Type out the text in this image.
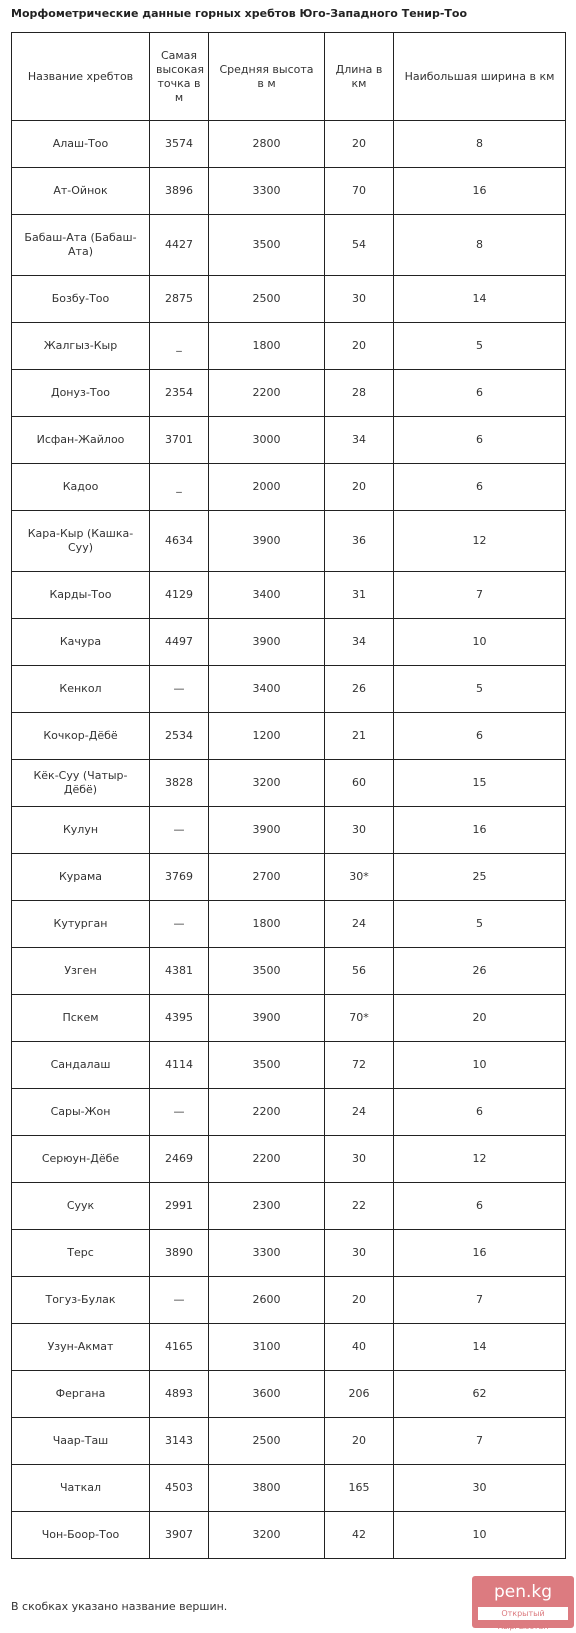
Морфометрические данные горных хребтов Юго-Западного Тенир-Тоо
Название хребтов	Самая высокая точка в м	Средняя высота в м	Длина в км	Наибольшая ширина в км
Алаш-Тоо	3574	2800	20	8
Ат-Ойнок	3896	3300	70	16
Бабаш-Ата (Бабаш-Ата)	4427	3500	54	8
Бозбу-Тоо	2875	2500	30	14
Жалгыз-Кыр	_	1800	20	5
Донуз-Тоо	2354	2200	28	6
Исфан-Жайлоо	3701	3000	34	6
Кадоо	_	2000	20	6
Кара-Кыр (Кашка-Суу)	4634	3900	36	12
Карды-Тоо	4129	3400	31	7
Качура	4497	3900	34	10
Кенкол	—	3400	26	5
Кочкор-Дёбё	2534	1200	21	6
Кёк-Суу (Чатыр-Дёбё)	3828	3200	60	15
Кулун	—	3900	30	16
Курама	3769	2700	30*	25
Кутурган	—	1800	24	5
Узген	4381	3500	56	26
Пскем	4395	3900	70*	20
Сандалаш	4114	3500	72	10
Сары-Жон	—	2200	24	6
Серюун-Дёбе	2469	2200	30	12
Суук	2991	2300	22	6
Терс	3890	3300	30	16
Тогуз-Булак	—	2600	20	7
Узун-Акмат	4165	3100	40	14
Фергана	4893	3600	206	62
Чаар-Таш	3143	2500	20	7
Чаткал	4503	3800	165	30
Чон-Боор-Тоо	3907	3200	42	10
В скобках указано название вершин.
pen.kg
Открытый Кыргызстан
